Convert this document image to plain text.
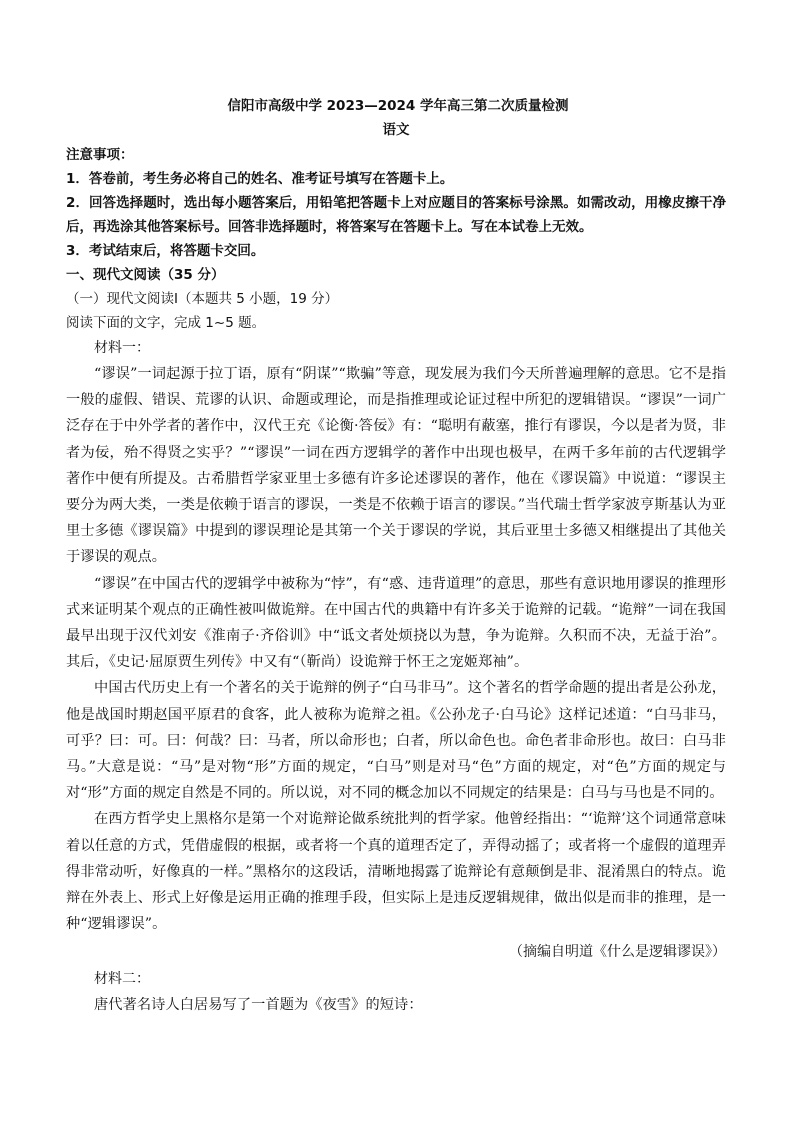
信阳市高级中学 2023—2024 学年高三第二次质量检测
语文
注意事项：

1．答卷前，考生务必将自己的姓名、准考证号填写在答题卡上。

2．回答选择题时，选出每小题答案后，用铅笔把答题卡上对应题目的答案标号涂黑。如需改动，用橡皮擦干净后，再选涂其他答案标号。回答非选择题时，将答案写在答题卡上。写在本试卷上无效。

3．考试结束后，将答题卡交回。

一、现代文阅读（35 分）
（一）现代文阅读Ⅰ（本题共 5 小题，19 分）
阅读下面的文字，完成 1~5 题。
材料一：

“谬误”一词起源于拉丁语，原有“阴谋”“欺骗”等意，现发展为我们今天所普遍理解的意思。它不是指一般的虚假、错误、荒谬的认识、命题或理论，而是指推理或论证过程中所犯的逻辑错误。“谬误”一词广泛存在于中外学者的著作中，汉代王充《论衡·答佞》有：“聪明有蔽塞，推行有谬误，今以是者为贤，非者为佞，殆不得贤之实乎？”“谬误”一词在西方逻辑学的著作中出现也极早，在两千多年前的古代逻辑学著作中便有所提及。古希腊哲学家亚里士多德有许多论述谬误的著作，他在《谬误篇》中说道：“谬误主要分为两大类，一类是依赖于语言的谬误，一类是不依赖于语言的谬误。”当代瑞士哲学家波亨斯基认为亚里士多德《谬误篇》中提到的谬误理论是其第一个关于谬误的学说，其后亚里士多德又相继提出了其他关于谬误的观点。

“谬误”在中国古代的逻辑学中被称为“悖”，有“惑、违背道理”的意思，那些有意识地用谬误的推理形式来证明某个观点的正确性被叫做诡辩。在中国古代的典籍中有许多关于诡辩的记载。“诡辩”一词在我国最早出现于汉代刘安《淮南子·齐俗训》中“诋文者处烦挠以为慧，争为诡辩。久积而不决，无益于治”。其后，《史记·屈原贾生列传》中又有“（靳尚）设诡辩于怀王之宠姬郑袖”。

中国古代历史上有一个著名的关于诡辩的例子“白马非马”。这个著名的哲学命题的提出者是公孙龙，他是战国时期赵国平原君的食客，此人被称为诡辩之祖。《公孙龙子·白马论》这样记述道：“白马非马，可乎？曰：可。曰：何哉？曰：马者，所以命形也；白者，所以命色也。命色者非命形也。故曰：白马非马。”大意是说：“马”是对物“形”方面的规定，“白马”则是对马“色”方面的规定，对“色”方面的规定与对“形”方面的规定自然是不同的。所以说，对不同的概念加以不同规定的结果是：白马与马也是不同的。

在西方哲学史上黑格尔是第一个对诡辩论做系统批判的哲学家。他曾经指出：“‘诡辩’这个词通常意味着以任意的方式，凭借虚假的根据，或者将一个真的道理否定了，弄得动摇了；或者将一个虚假的道理弄得非常动听，好像真的一样。”黑格尔的这段话，清晰地揭露了诡辩论有意颠倒是非、混淆黑白的特点。诡辩在外表上、形式上好像是运用正确的推理手段，但实际上是违反逻辑规律，做出似是而非的推理，是一种“逻辑谬误”。

（摘编自明道《什么是逻辑谬误》）
材料二：

唐代著名诗人白居易写了一首题为《夜雪》的短诗：
